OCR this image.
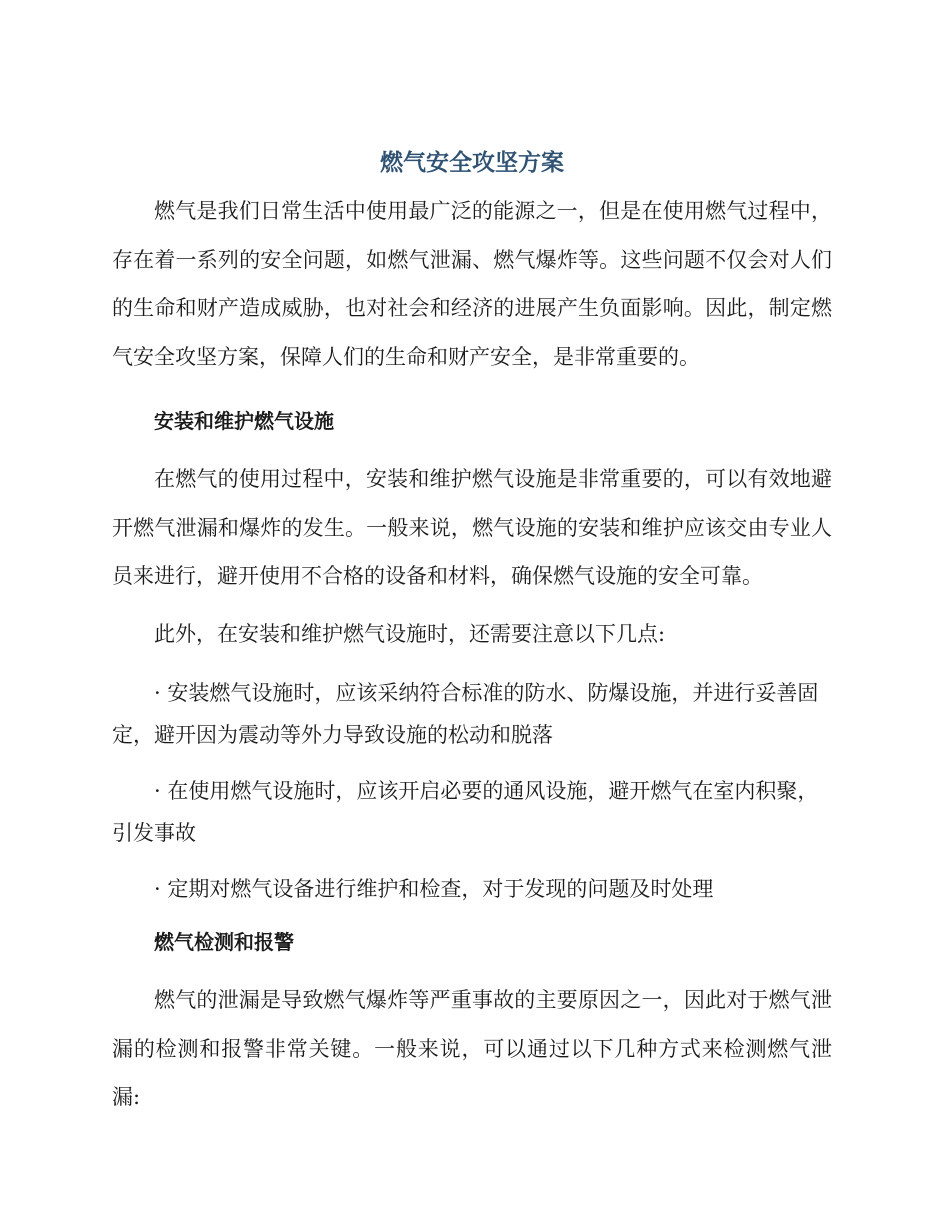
燃气安全攻坚方案

燃气是我们日常生活中使用最广泛的能源之一，但是在使用燃气过程中，存在着一系列的安全问题，如燃气泄漏、燃气爆炸等。这些问题不仅会对人们的生命和财产造成威胁，也对社会和经济的进展产生负面影响。因此，制定燃气安全攻坚方案，保障人们的生命和财产安全，是非常重要的。

安装和维护燃气设施

在燃气的使用过程中，安装和维护燃气设施是非常重要的，可以有效地避开燃气泄漏和爆炸的发生。一般来说，燃气设施的安装和维护应该交由专业人员来进行，避开使用不合格的设备和材料，确保燃气设施的安全可靠。

此外，在安装和维护燃气设施时，还需要注意以下几点:

· 安装燃气设施时，应该采纳符合标准的防水、防爆设施，并进行妥善固定，避开因为震动等外力导致设施的松动和脱落

· 在使用燃气设施时，应该开启必要的通风设施，避开燃气在室内积聚，引发事故

· 定期对燃气设备进行维护和检查，对于发现的问题及时处理

燃气检测和报警

燃气的泄漏是导致燃气爆炸等严重事故的主要原因之一，因此对于燃气泄漏的检测和报警非常关键。一般来说，可以通过以下几种方式来检测燃气泄漏:
